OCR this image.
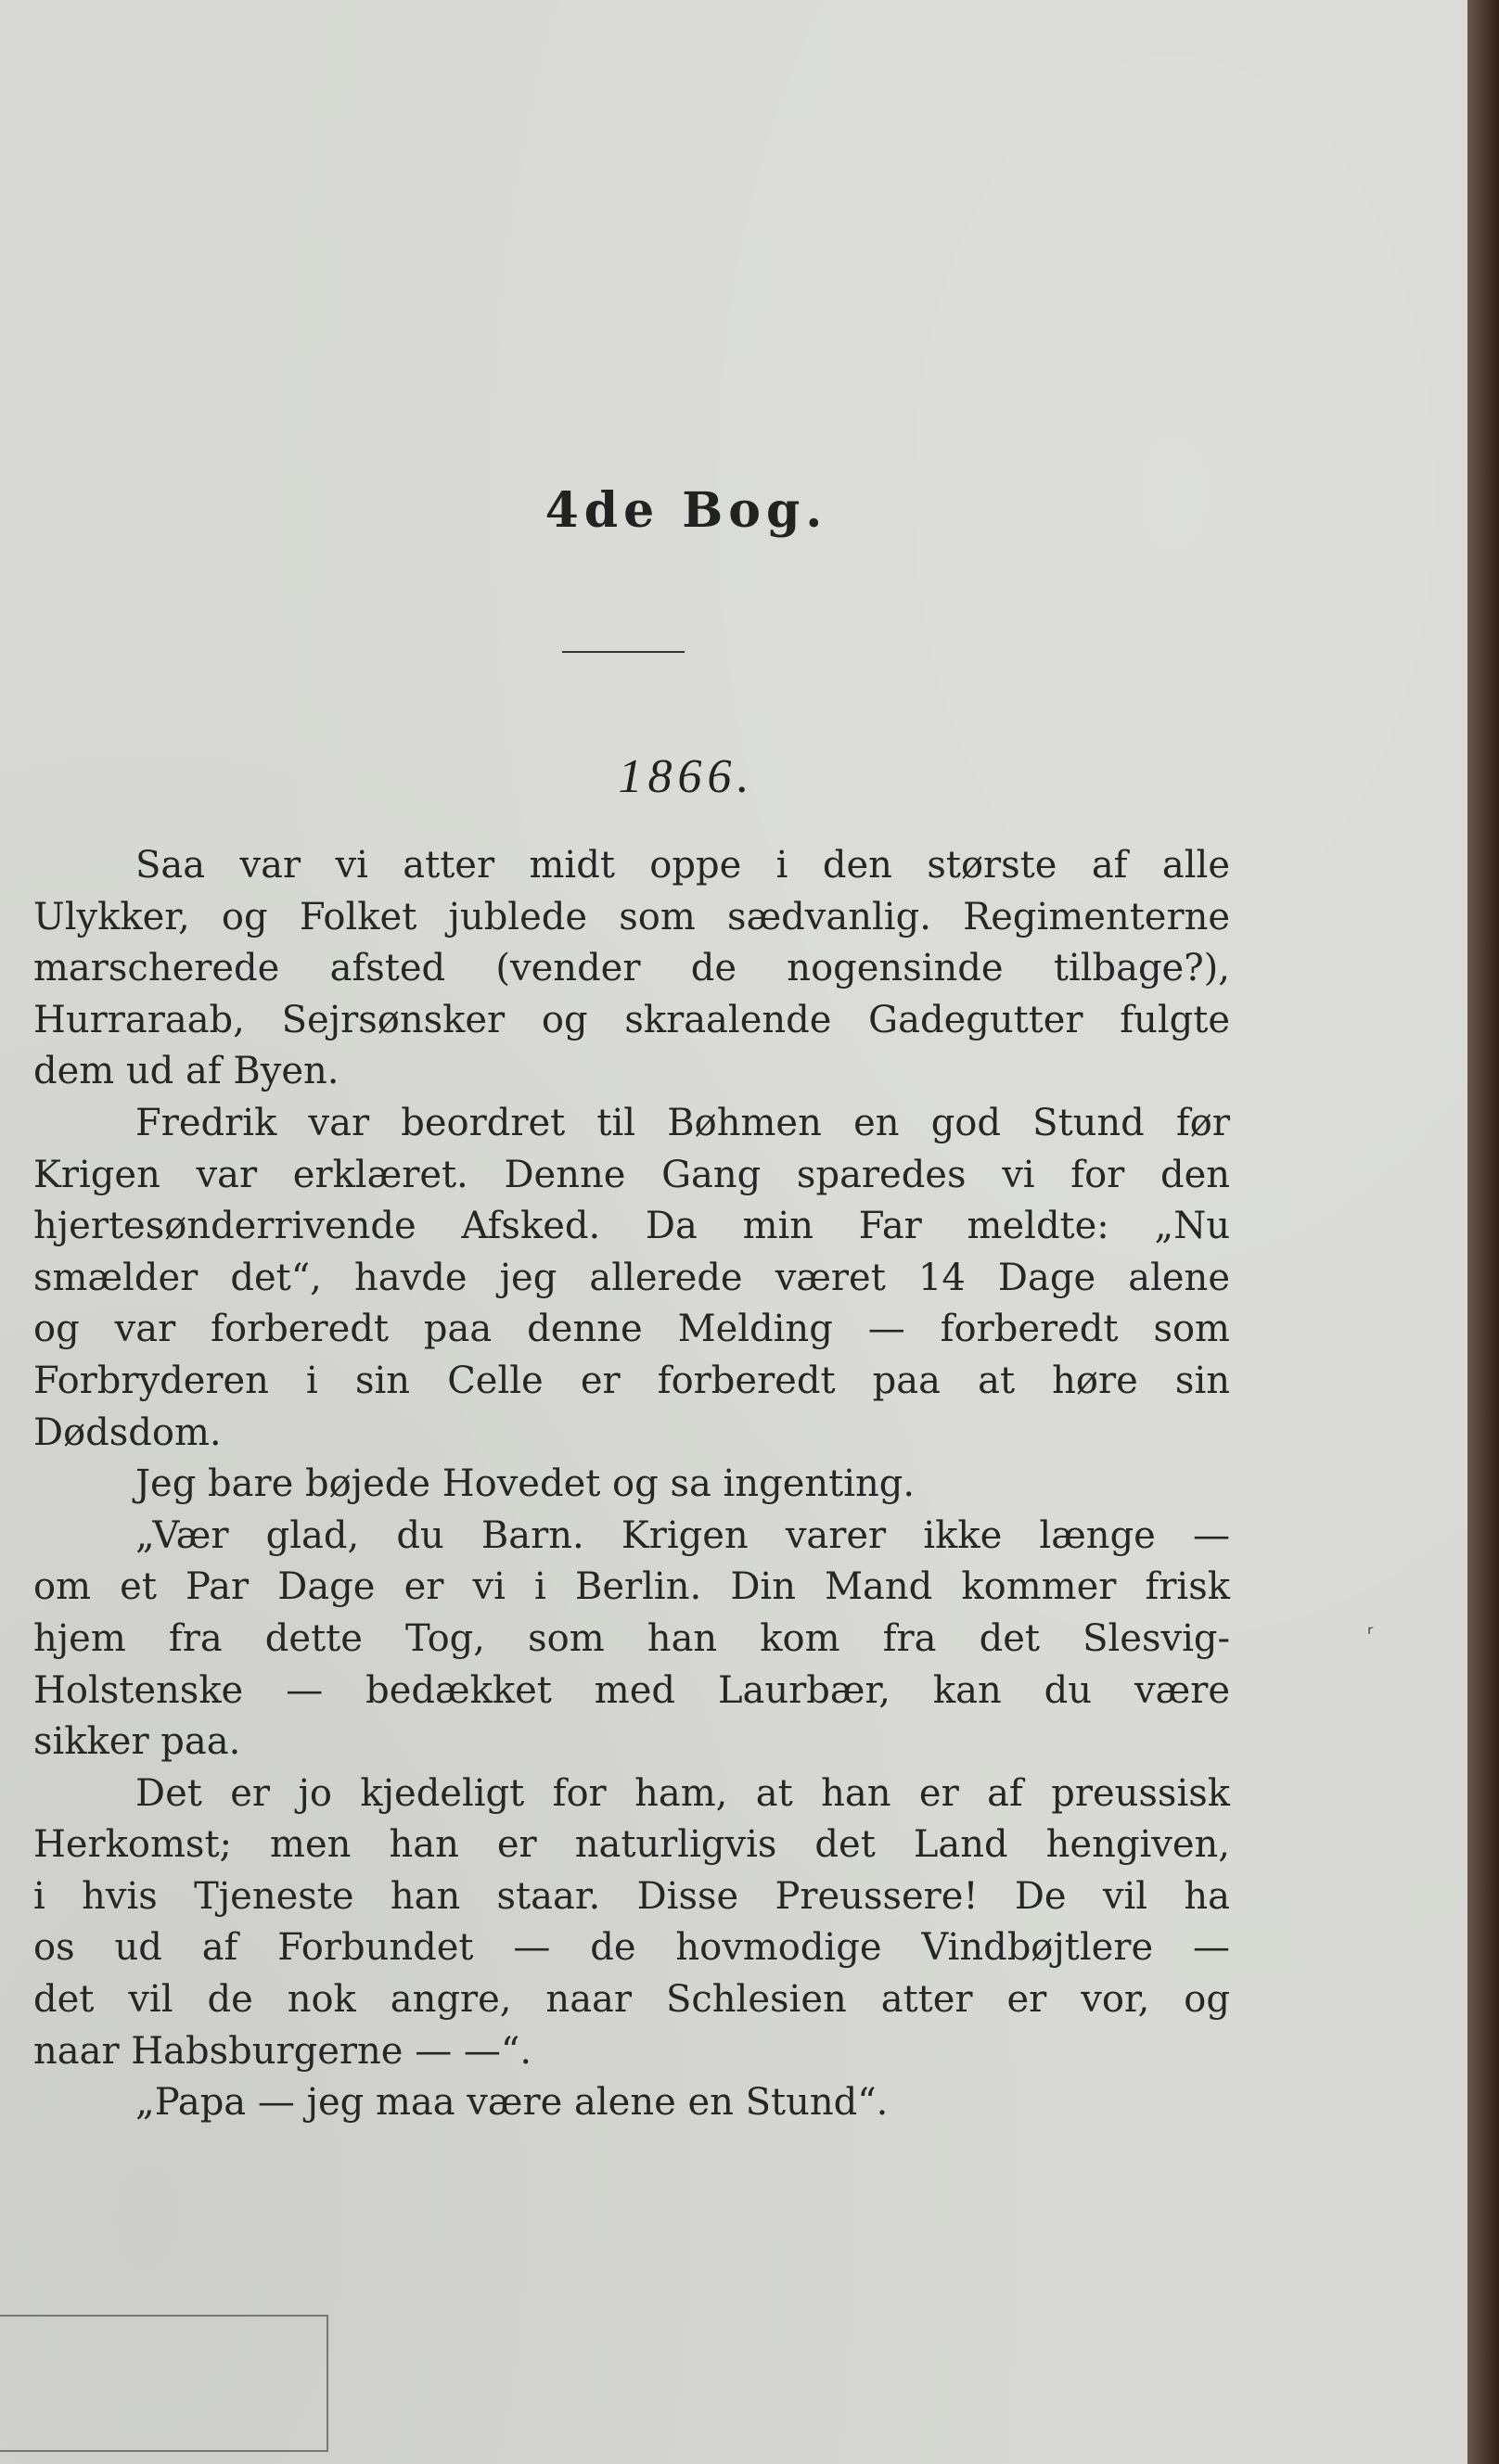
4de Bog.
1866.
Saa var vi atter midt oppe i den største af alle
Ulykker, og Folket jublede som sædvanlig. Regimenterne
marscherede afsted (vender de nogensinde tilbage?),
Hurraraab, Sejrsønsker og skraalende Gadegutter fulgte
dem ud af Byen.
Fredrik var beordret til Bøhmen en god Stund før
Krigen var erklæret. Denne Gang sparedes vi for den
hjertesønderrivende Afsked. Da min Far meldte: „Nu
smælder det“, havde jeg allerede været 14 Dage alene
og var forberedt paa denne Melding — forberedt som
Forbryderen i sin Celle er forberedt paa at høre sin
Dødsdom.
Jeg bare bøjede Hovedet og sa ingenting.
„Vær glad, du Barn. Krigen varer ikke længe —
om et Par Dage er vi i Berlin. Din Mand kommer frisk
hjem fra dette Tog, som han kom fra det Slesvig-
Holstenske — bedækket med Laurbær, kan du være
sikker paa.
Det er jo kjedeligt for ham, at han er af preussisk
Herkomst; men han er naturligvis det Land hengiven,
i hvis Tjeneste han staar. Disse Preussere! De vil ha
os ud af Forbundet — de hovmodige Vindbøjtlere —
det vil de nok angre, naar Schlesien atter er vor, og
naar Habsburgerne — —“.
„Papa — jeg maa være alene en Stund“.
ʳ
